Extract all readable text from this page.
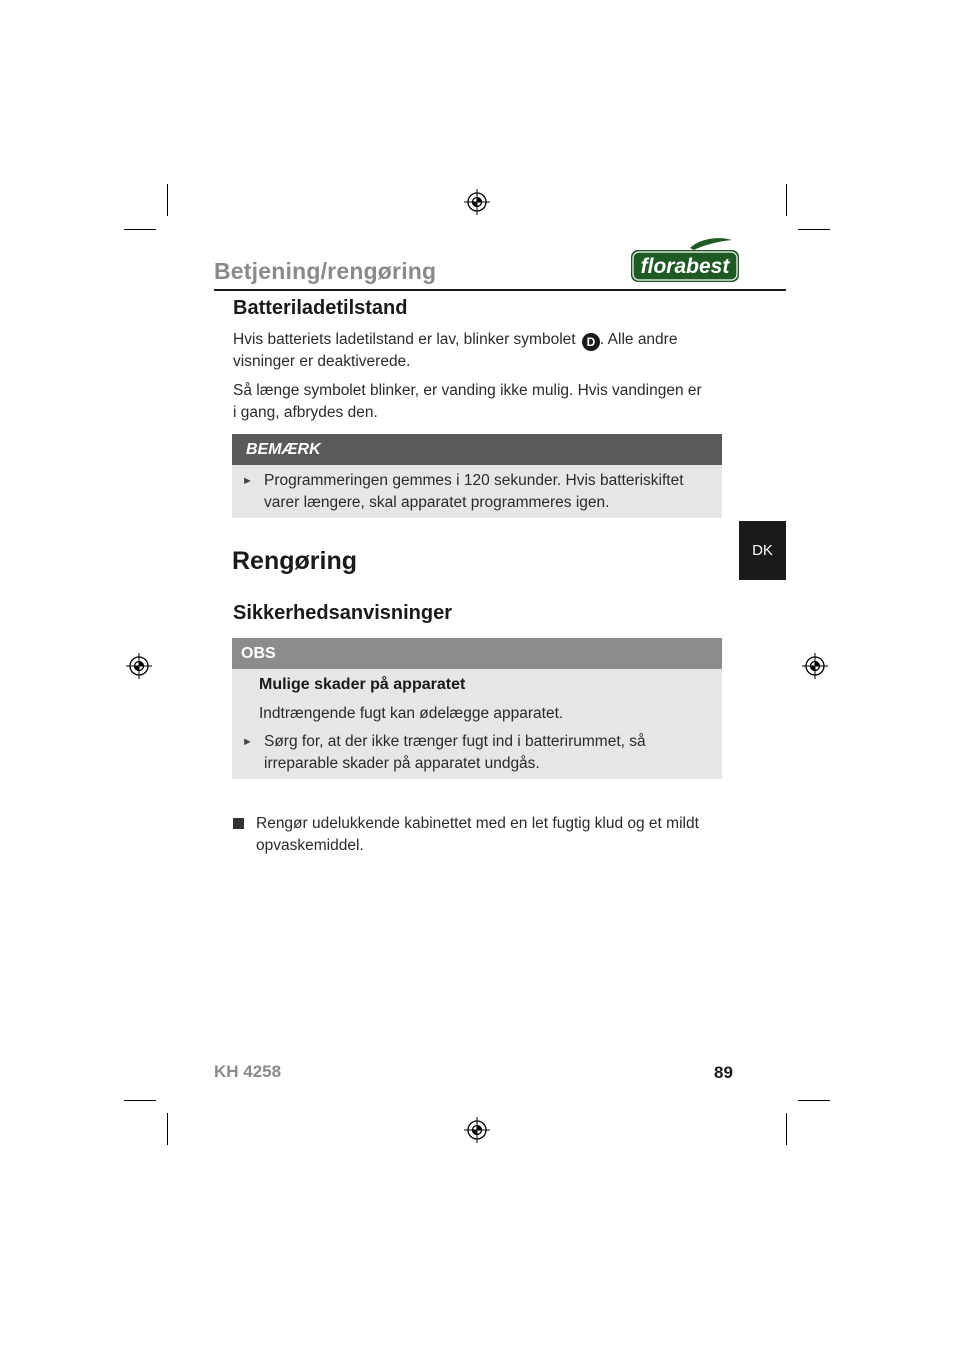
Betjening/rengøring	florabest
Batteriladetilstand
Hvis batteriets ladetilstand er lav, blinker symbolet D . Alle andre
visninger er deaktiverede.
Så længe symbolet blinker, er vanding ikke mulig. Hvis vandingen er
i gang, afbrydes den.
BEMÆRK
► Programmeringen gemmes i 120 sekunder. Hvis batteriskiftet
varer længere, skal apparatet programmeres igen.
DK
Rengøring
Sikkerhedsanvisninger
OBS
Mulige skader på apparatet
Indtrængende fugt kan ødelægge apparatet.
► Sørg for, at der ikke trænger fugt ind i batterirummet, så
irreparable skader på apparatet undgås.
Rengør udelukkende kabinettet med en let fugtig klud og et mildt
opvaskemiddel.
KH 4258	89
